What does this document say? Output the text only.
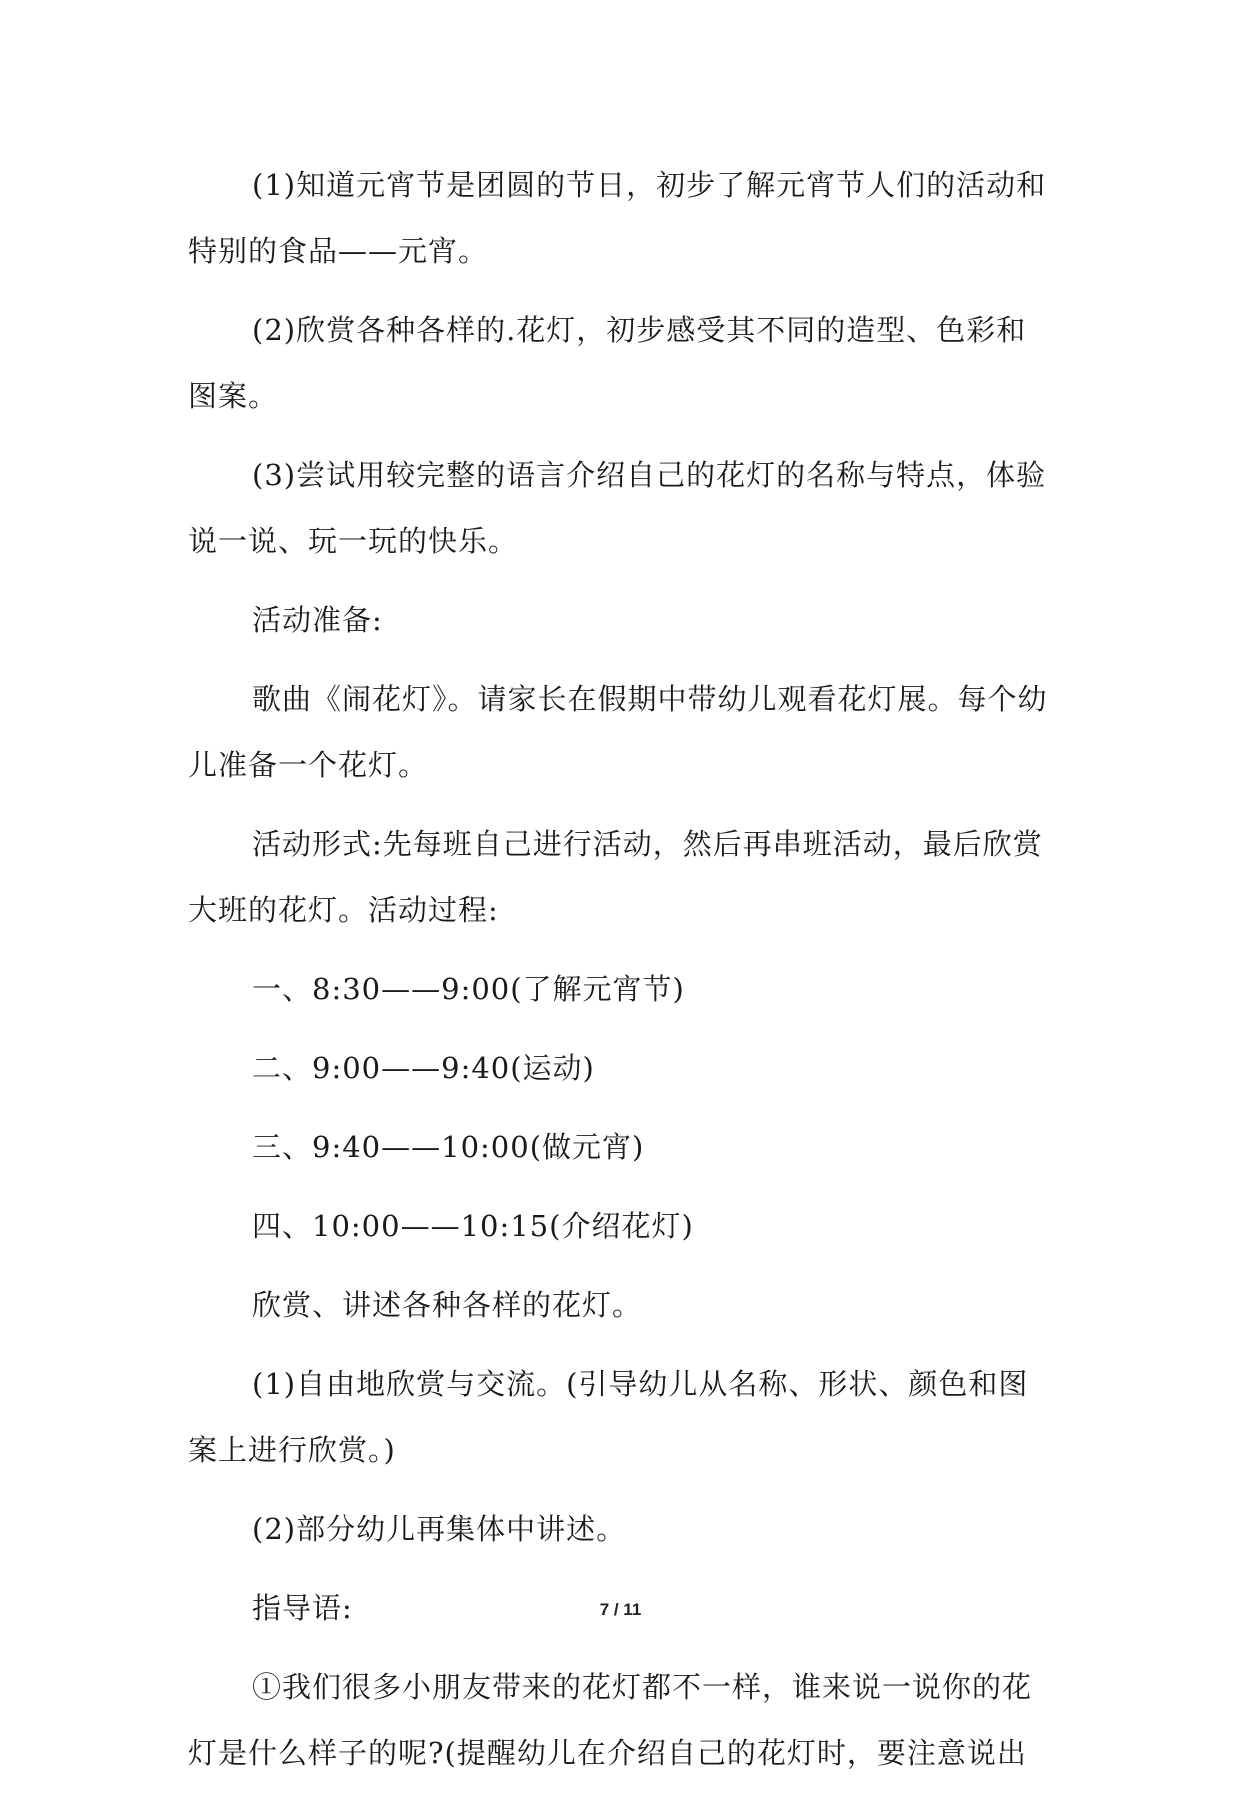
(1)知道元宵节是团圆的节日，初步了解元宵节人们的活动和特别的食品——元宵。

(2)欣赏各种各样的.花灯，初步感受其不同的造型、色彩和图案。

(3)尝试用较完整的语言介绍自己的花灯的名称与特点，体验说一说、玩一玩的快乐。

活动准备:

歌曲《闹花灯》。请家长在假期中带幼儿观看花灯展。每个幼儿准备一个花灯。

活动形式:先每班自己进行活动，然后再串班活动，最后欣赏大班的花灯。活动过程:

一、8:30——9:00(了解元宵节)

二、9:00——9:40(运动)

三、9:40——10:00(做元宵)

四、10:00——10:15(介绍花灯)

欣赏、讲述各种各样的花灯。

(1)自由地欣赏与交流。(引导幼儿从名称、形状、颜色和图案上进行欣赏。)

(2)部分幼儿再集体中讲述。

指导语:

①我们很多小朋友带来的花灯都不一样，谁来说一说你的花灯是什么样子的呢?(提醒幼儿在介绍自己的花灯时，要注意说出

7 / 11
